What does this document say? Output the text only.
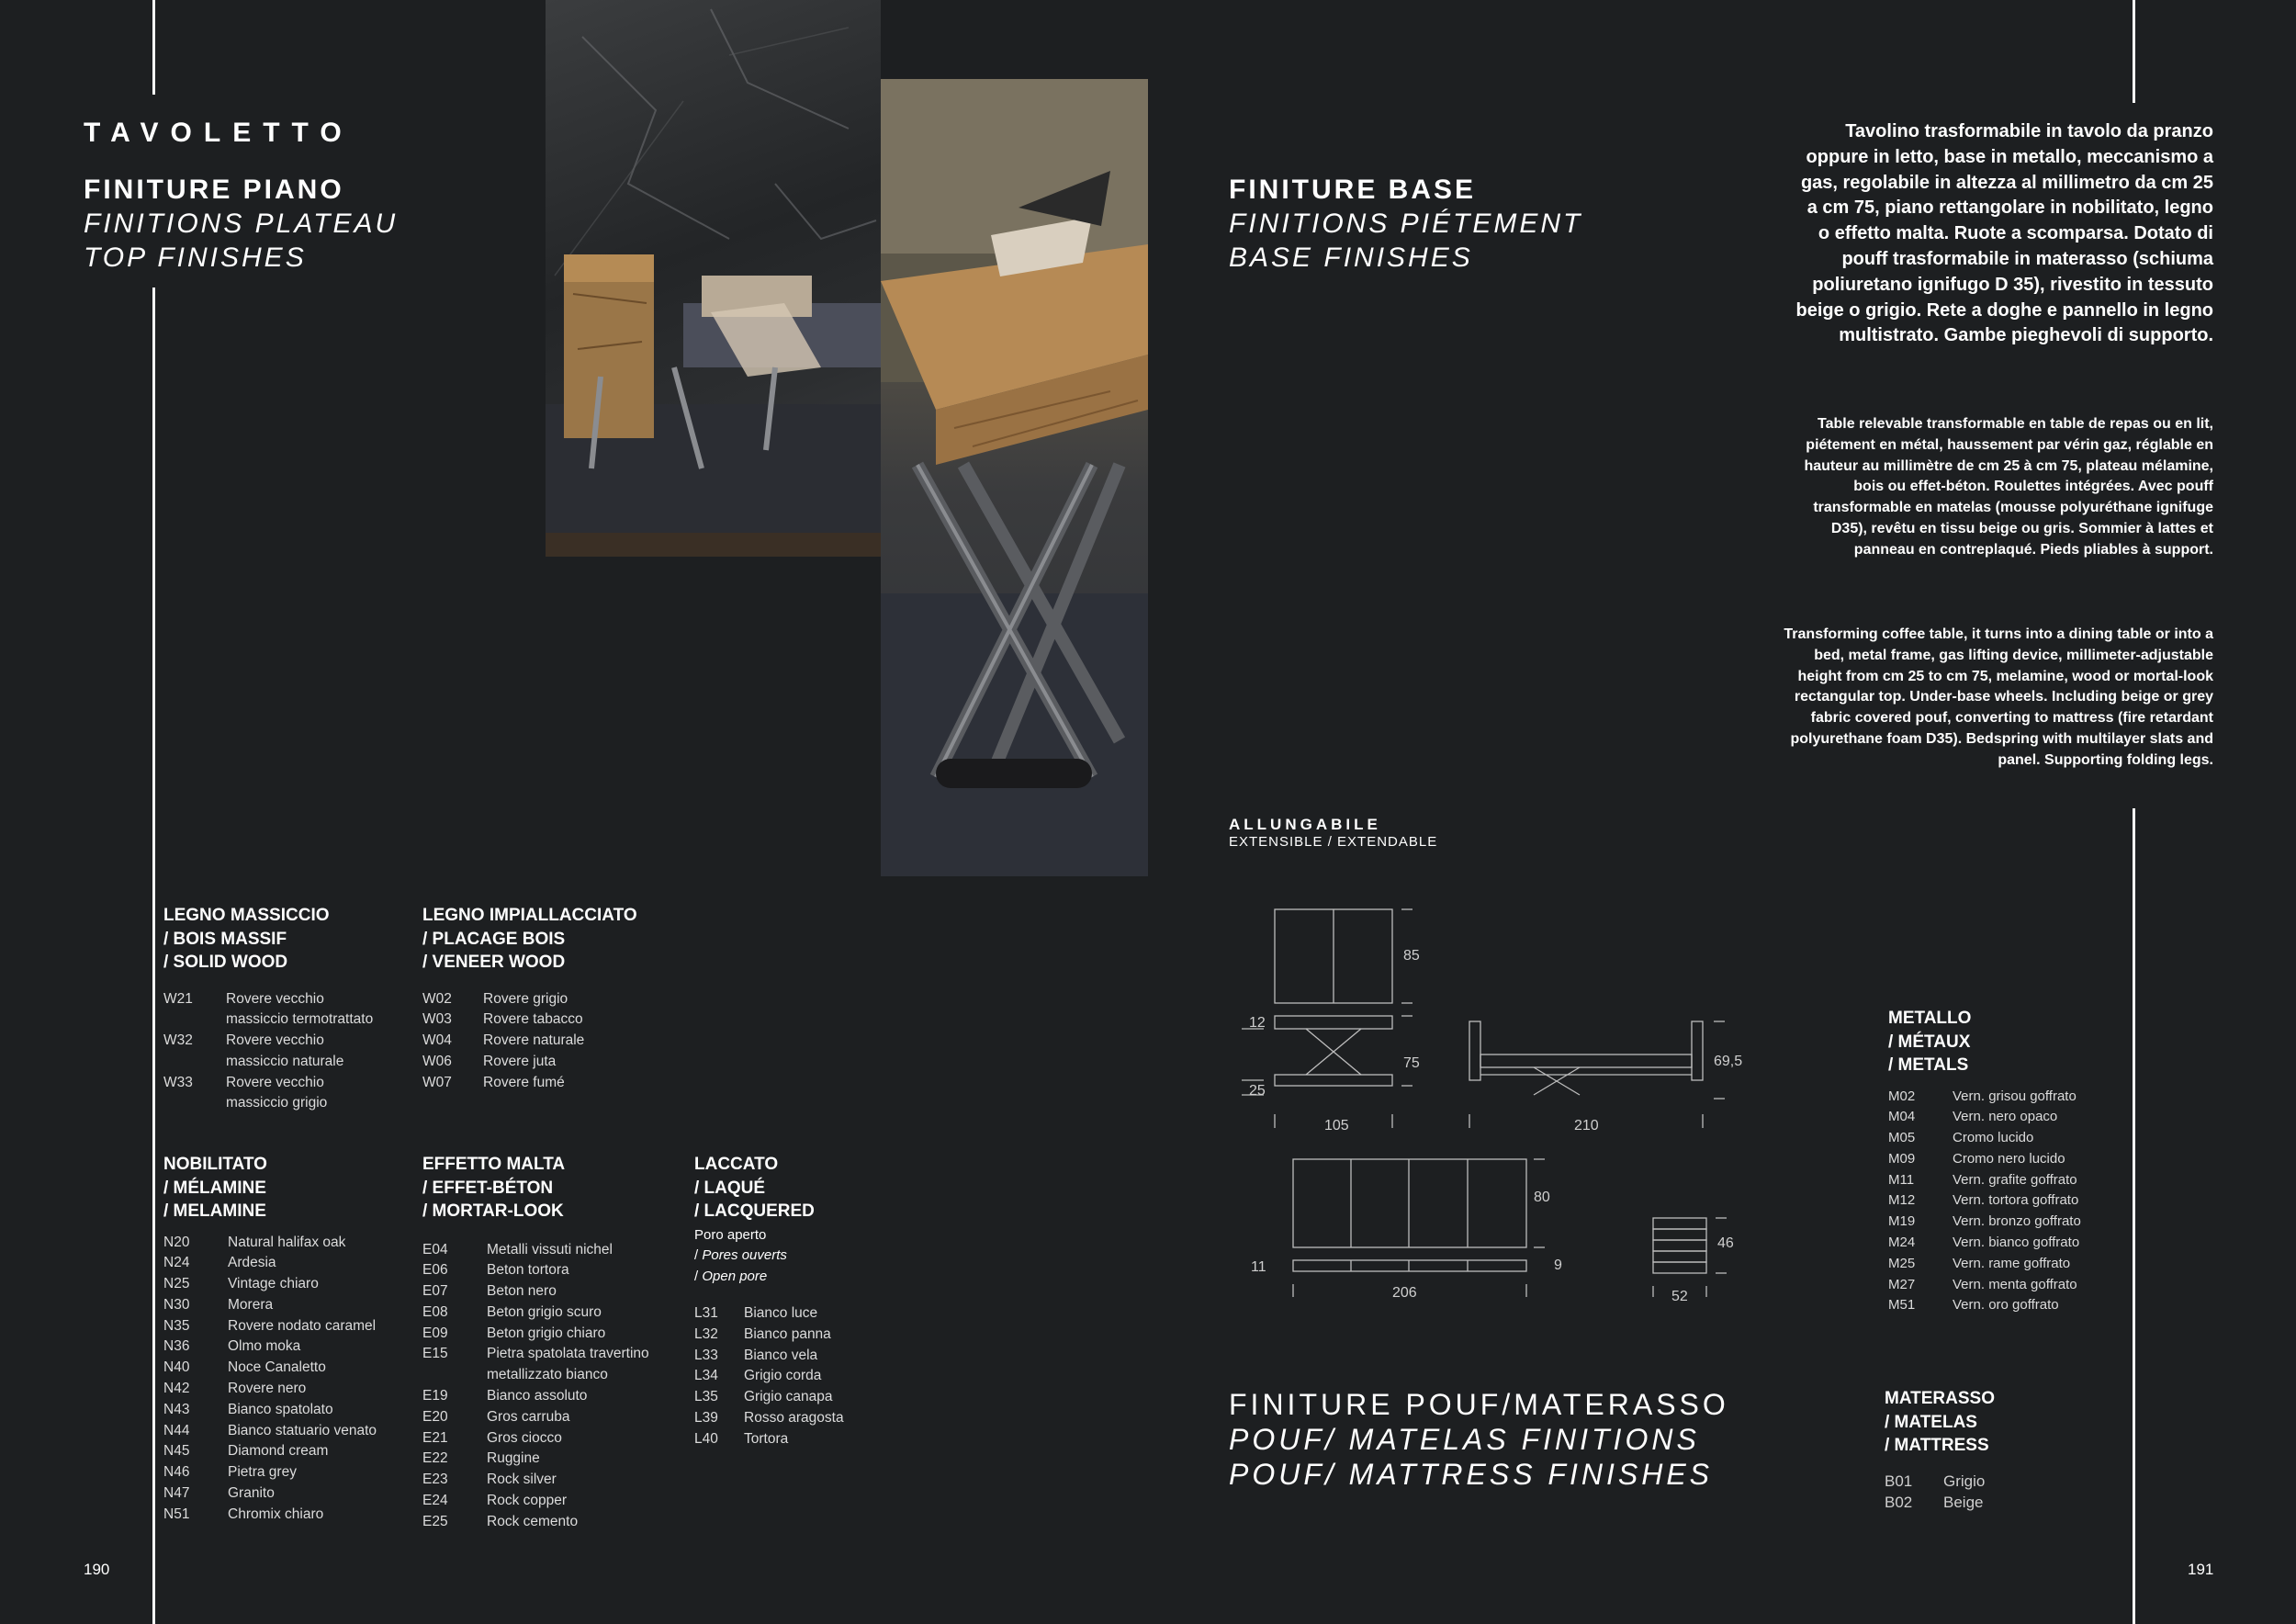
TAVOLETTO
FINITURE PIANO
FINITIONS PLATEAU
TOP FINISHES
FINITURE BASE
FINITIONS PIÉTEMENT
BASE FINISHES
Tavolino trasformabile in tavolo da pranzo oppure in letto, base in metallo, meccanismo a gas, regolabile in altezza al millimetro da cm 25 a cm 75, piano rettangolare in nobilitato, legno o effetto malta. Ruote a scomparsa. Dotato di pouff trasformabile in materasso (schiuma poliuretano ignifugo D 35), rivestito in tessuto beige o grigio. Rete a doghe e pannello in legno multistrato. Gambe pieghevoli di supporto.
Table relevable transformable en table de repas ou en lit, piétement en métal, haussement par vérin gaz, réglable en hauteur au millimètre de cm 25 à cm 75, plateau mélamine, bois ou effet-béton. Roulettes intégrées. Avec pouff transformable en matelas (mousse polyuréthane ignifuge D35), revêtu en tissu beige ou gris. Sommier à lattes et panneau en contreplaqué. Pieds pliables à support.
Transforming coffee table, it turns into a dining table or into a bed, metal frame, gas lifting device, millimeter-adjustable height from cm 25 to cm 75, melamine, wood or mortal-look rectangular top. Under-base wheels. Including beige or grey fabric covered pouf, converting to mattress (fire retardant polyurethane foam D35). Bedspring with multilayer slats and panel. Supporting folding legs.
ALLUNGABILE
EXTENSIBLE / EXTENDABLE
85
12
75
25
105
69,5
210
80
11	9
206
46
52
LEGNO MASSICCIO
/ BOIS MASSIF
/ SOLID WOOD
W21	Rovere vecchio massiccio termotrattato
W32	Rovere vecchio massiccio naturale
W33	Rovere vecchio massiccio grigio
LEGNO IMPIALLACCIATO
/ PLACAGE BOIS
/ VENEER WOOD
W02	Rovere grigio
W03	Rovere tabacco
W04	Rovere naturale
W06	Rovere juta
W07	Rovere fumé
NOBILITATO
/ MÉLAMINE
/ MELAMINE
N20	Natural halifax oak
N24	Ardesia
N25	Vintage chiaro
N30	Morera
N35	Rovere nodato caramel
N36	Olmo moka
N40	Noce Canaletto
N42	Rovere nero
N43	Bianco spatolato
N44	Bianco statuario venato
N45	Diamond cream
N46	Pietra grey
N47	Granito
N51	Chromix chiaro
EFFETTO MALTA
/ EFFET-BÉTON
/ MORTAR-LOOK
E04	Metalli vissuti nichel
E06	Beton tortora
E07	Beton nero
E08	Beton grigio scuro
E09	Beton grigio chiaro
E15	Pietra spatolata travertino metallizzato bianco
E19	Bianco assoluto
E20	Gros carruba
E21	Gros ciocco
E22	Ruggine
E23	Rock silver
E24	Rock copper
E25	Rock cemento
LACCATO
/ LAQUÉ
/ LACQUERED
Poro aperto
/ Pores ouverts
/ Open pore
L31	Bianco luce
L32	Bianco panna
L33	Bianco vela
L34	Grigio corda
L35	Grigio canapa
L39	Rosso aragosta
L40	Tortora
METALLO
/ MÉTAUX
/ METALS
M02	Vern. grisou goffrato
M04	Vern. nero opaco
M05	Cromo lucido
M09	Cromo nero lucido
M11	Vern. grafite goffrato
M12	Vern. tortora goffrato
M19	Vern. bronzo goffrato
M24	Vern. bianco goffrato
M25	Vern. rame goffrato
M27	Vern. menta goffrato
M51	Vern. oro goffrato
FINITURE POUF/MATERASSO
POUF/ MATELAS FINITIONS
POUF/ MATTRESS FINISHES
MATERASSO
/ MATELAS
/ MATTRESS
B01	Grigio
B02	Beige
190	191
